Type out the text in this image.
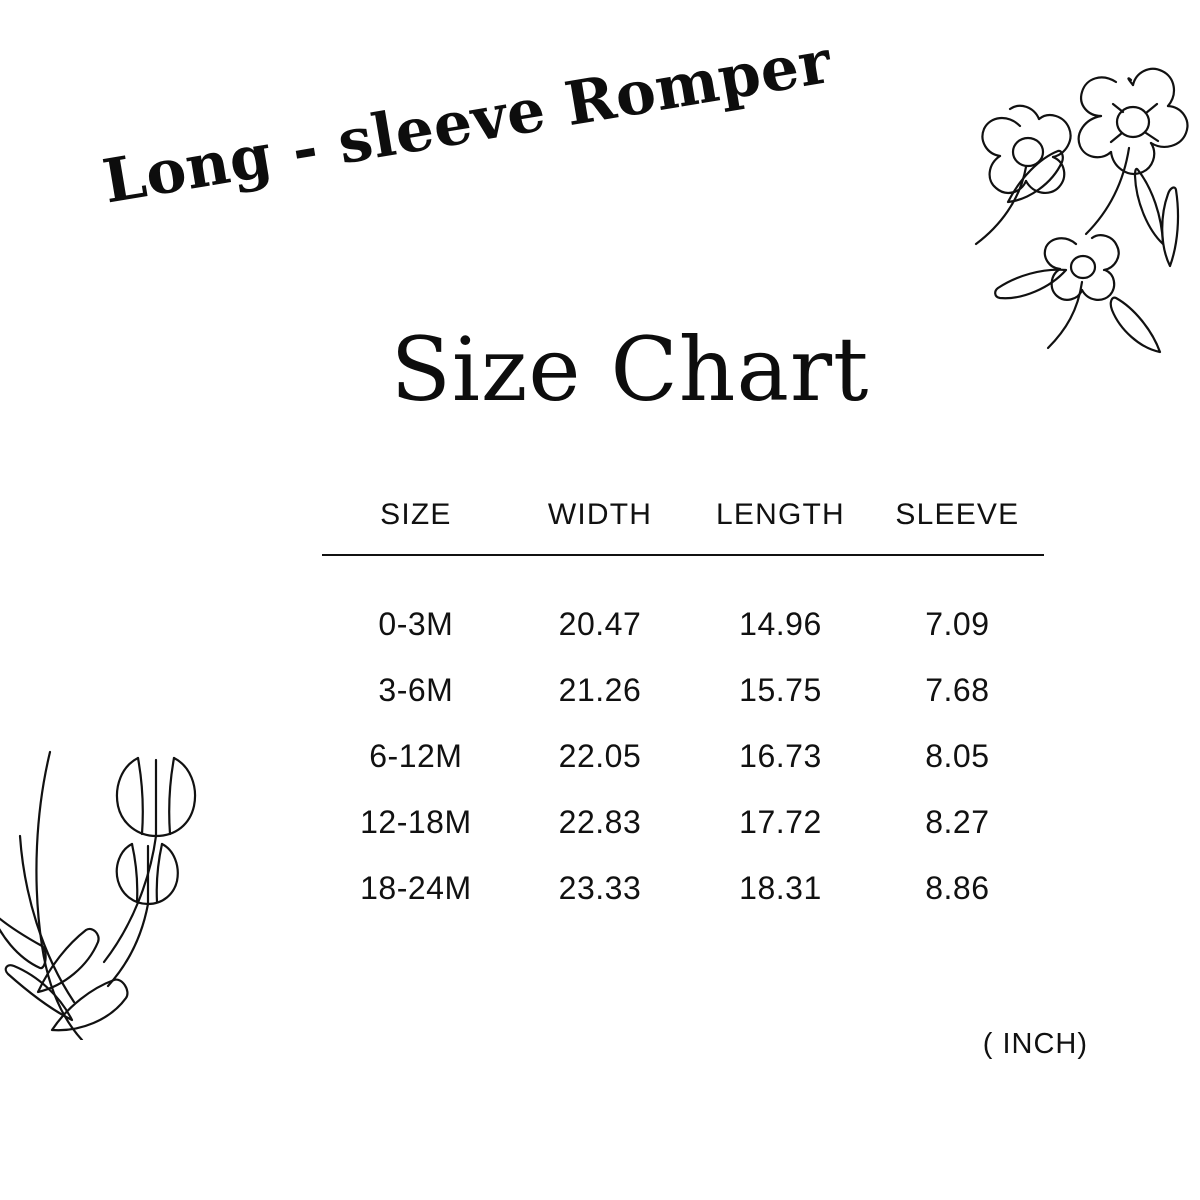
Long - sleeve Romper
Size Chart
SIZE	WIDTH	LENGTH	SLEEVE
0-3M	20.47	14.96	7.09
3-6M	21.26	15.75	7.68
6-12M	22.05	16.73	8.05
12-18M	22.83	17.72	8.27
18-24M	23.33	18.31	8.86
( INCH)
